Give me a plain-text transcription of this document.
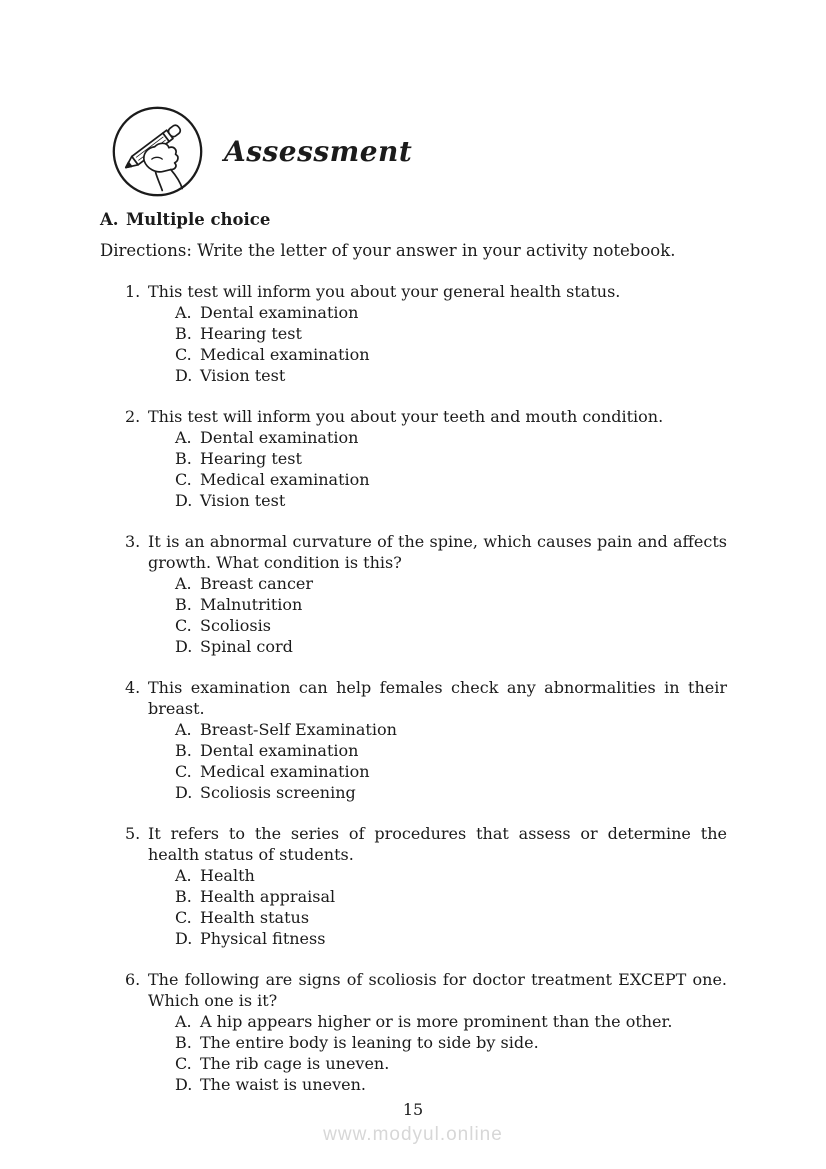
Assessment
A. Multiple choice
Directions: Write the letter of your answer in your activity notebook.
1. This test will inform you about your general health status.
A. Dental examination
B. Hearing test
C. Medical examination
D. Vision test
2. This test will inform you about your teeth and mouth condition.
A. Dental examination
B. Hearing test
C. Medical examination
D. Vision test
3. It is an abnormal curvature of the spine, which causes pain and affects growth. What condition is this?
A. Breast cancer
B. Malnutrition
C. Scoliosis
D. Spinal cord
4. This examination can help females check any abnormalities in their breast.
A. Breast-Self Examination
B. Dental examination
C. Medical examination
D. Scoliosis screening
5. It refers to the series of procedures that assess or determine the health status of students.
A. Health
B. Health appraisal
C. Health status
D. Physical fitness
6. The following are signs of scoliosis for doctor treatment EXCEPT one. Which one is it?
A. A hip appears higher or is more prominent than the other.
B. The entire body is leaning to side by side.
C. The rib cage is uneven.
D. The waist is uneven.
15
www.modyul.online
